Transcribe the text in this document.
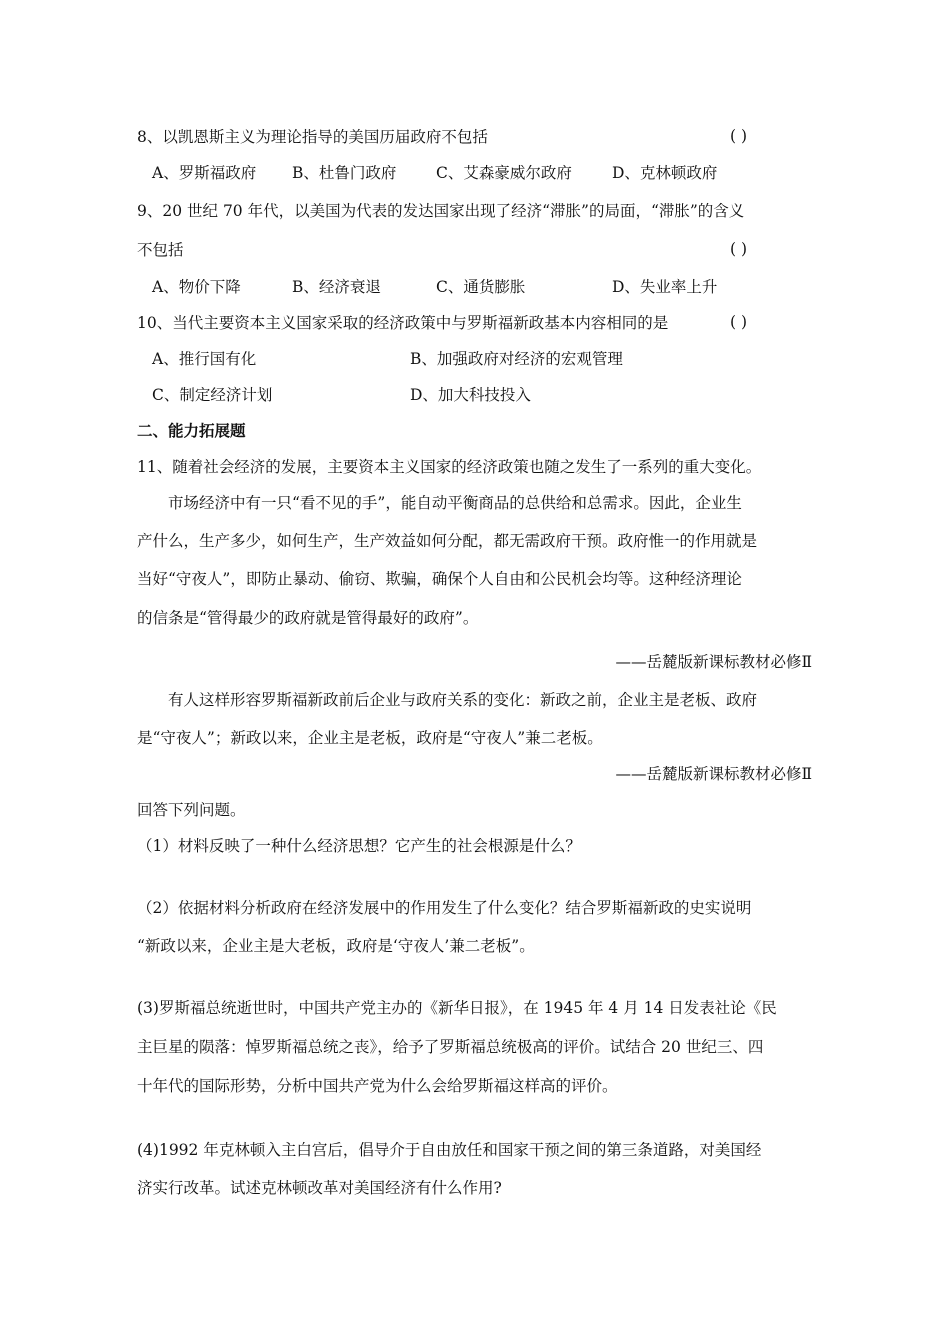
8、以凯恩斯主义为理论指导的美国历届政府不包括	( )
A、罗斯福政府 B、杜鲁门政府	C、艾森豪威尔政府	D、克林顿政府
9、20 世纪 70 年代，以美国为代表的发达国家出现了经济“滞胀”的局面，“滞胀”的含义
不包括	( )
A、物价下降	B、经济衰退	C、通货膨胀	D、失业率上升
10、当代主要资本主义国家采取的经济政策中与罗斯福新政基本内容相同的是	( )
A、推行国有化	B、加强政府对经济的宏观管理
C、制定经济计划	D、加大科技投入
二、能力拓展题
11、随着社会经济的发展，主要资本主义国家的经济政策也随之发生了一系列的重大变化。
市场经济中有一只“看不见的手”，能自动平衡商品的总供给和总需求。因此，企业生
产什么，生产多少，如何生产，生产效益如何分配，都无需政府干预。政府惟一的作用就是
当好“守夜人”，即防止暴动、偷窃、欺骗，确保个人自由和公民机会均等。这种经济理论
的信条是“管得最少的政府就是管得最好的政府”。
——岳麓版新课标教材必修Ⅱ
有人这样形容罗斯福新政前后企业与政府关系的变化：新政之前，企业主是老板、政府
是“守夜人”；新政以来，企业主是老板，政府是“守夜人”兼二老板。
——岳麓版新课标教材必修Ⅱ
回答下列问题。
（1）材料反映了一种什么经济思想？它产生的社会根源是什么？
（2）依据材料分析政府在经济发展中的作用发生了什么变化？结合罗斯福新政的史实说明
“新政以来，企业主是大老板，政府是‘守夜人’兼二老板”。
(3)罗斯福总统逝世时，中国共产党主办的《新华日报》，在 1945 年 4 月 14 日发表社论《民
主巨星的陨落：悼罗斯福总统之丧》，给予了罗斯福总统极高的评价。试结合 20 世纪三、四
十年代的国际形势，分析中国共产党为什么会给罗斯福这样高的评价。
(4)1992 年克林顿入主白宫后，倡导介于自由放任和国家干预之间的第三条道路，对美国经
济实行改革。试述克林顿改革对美国经济有什么作用?
